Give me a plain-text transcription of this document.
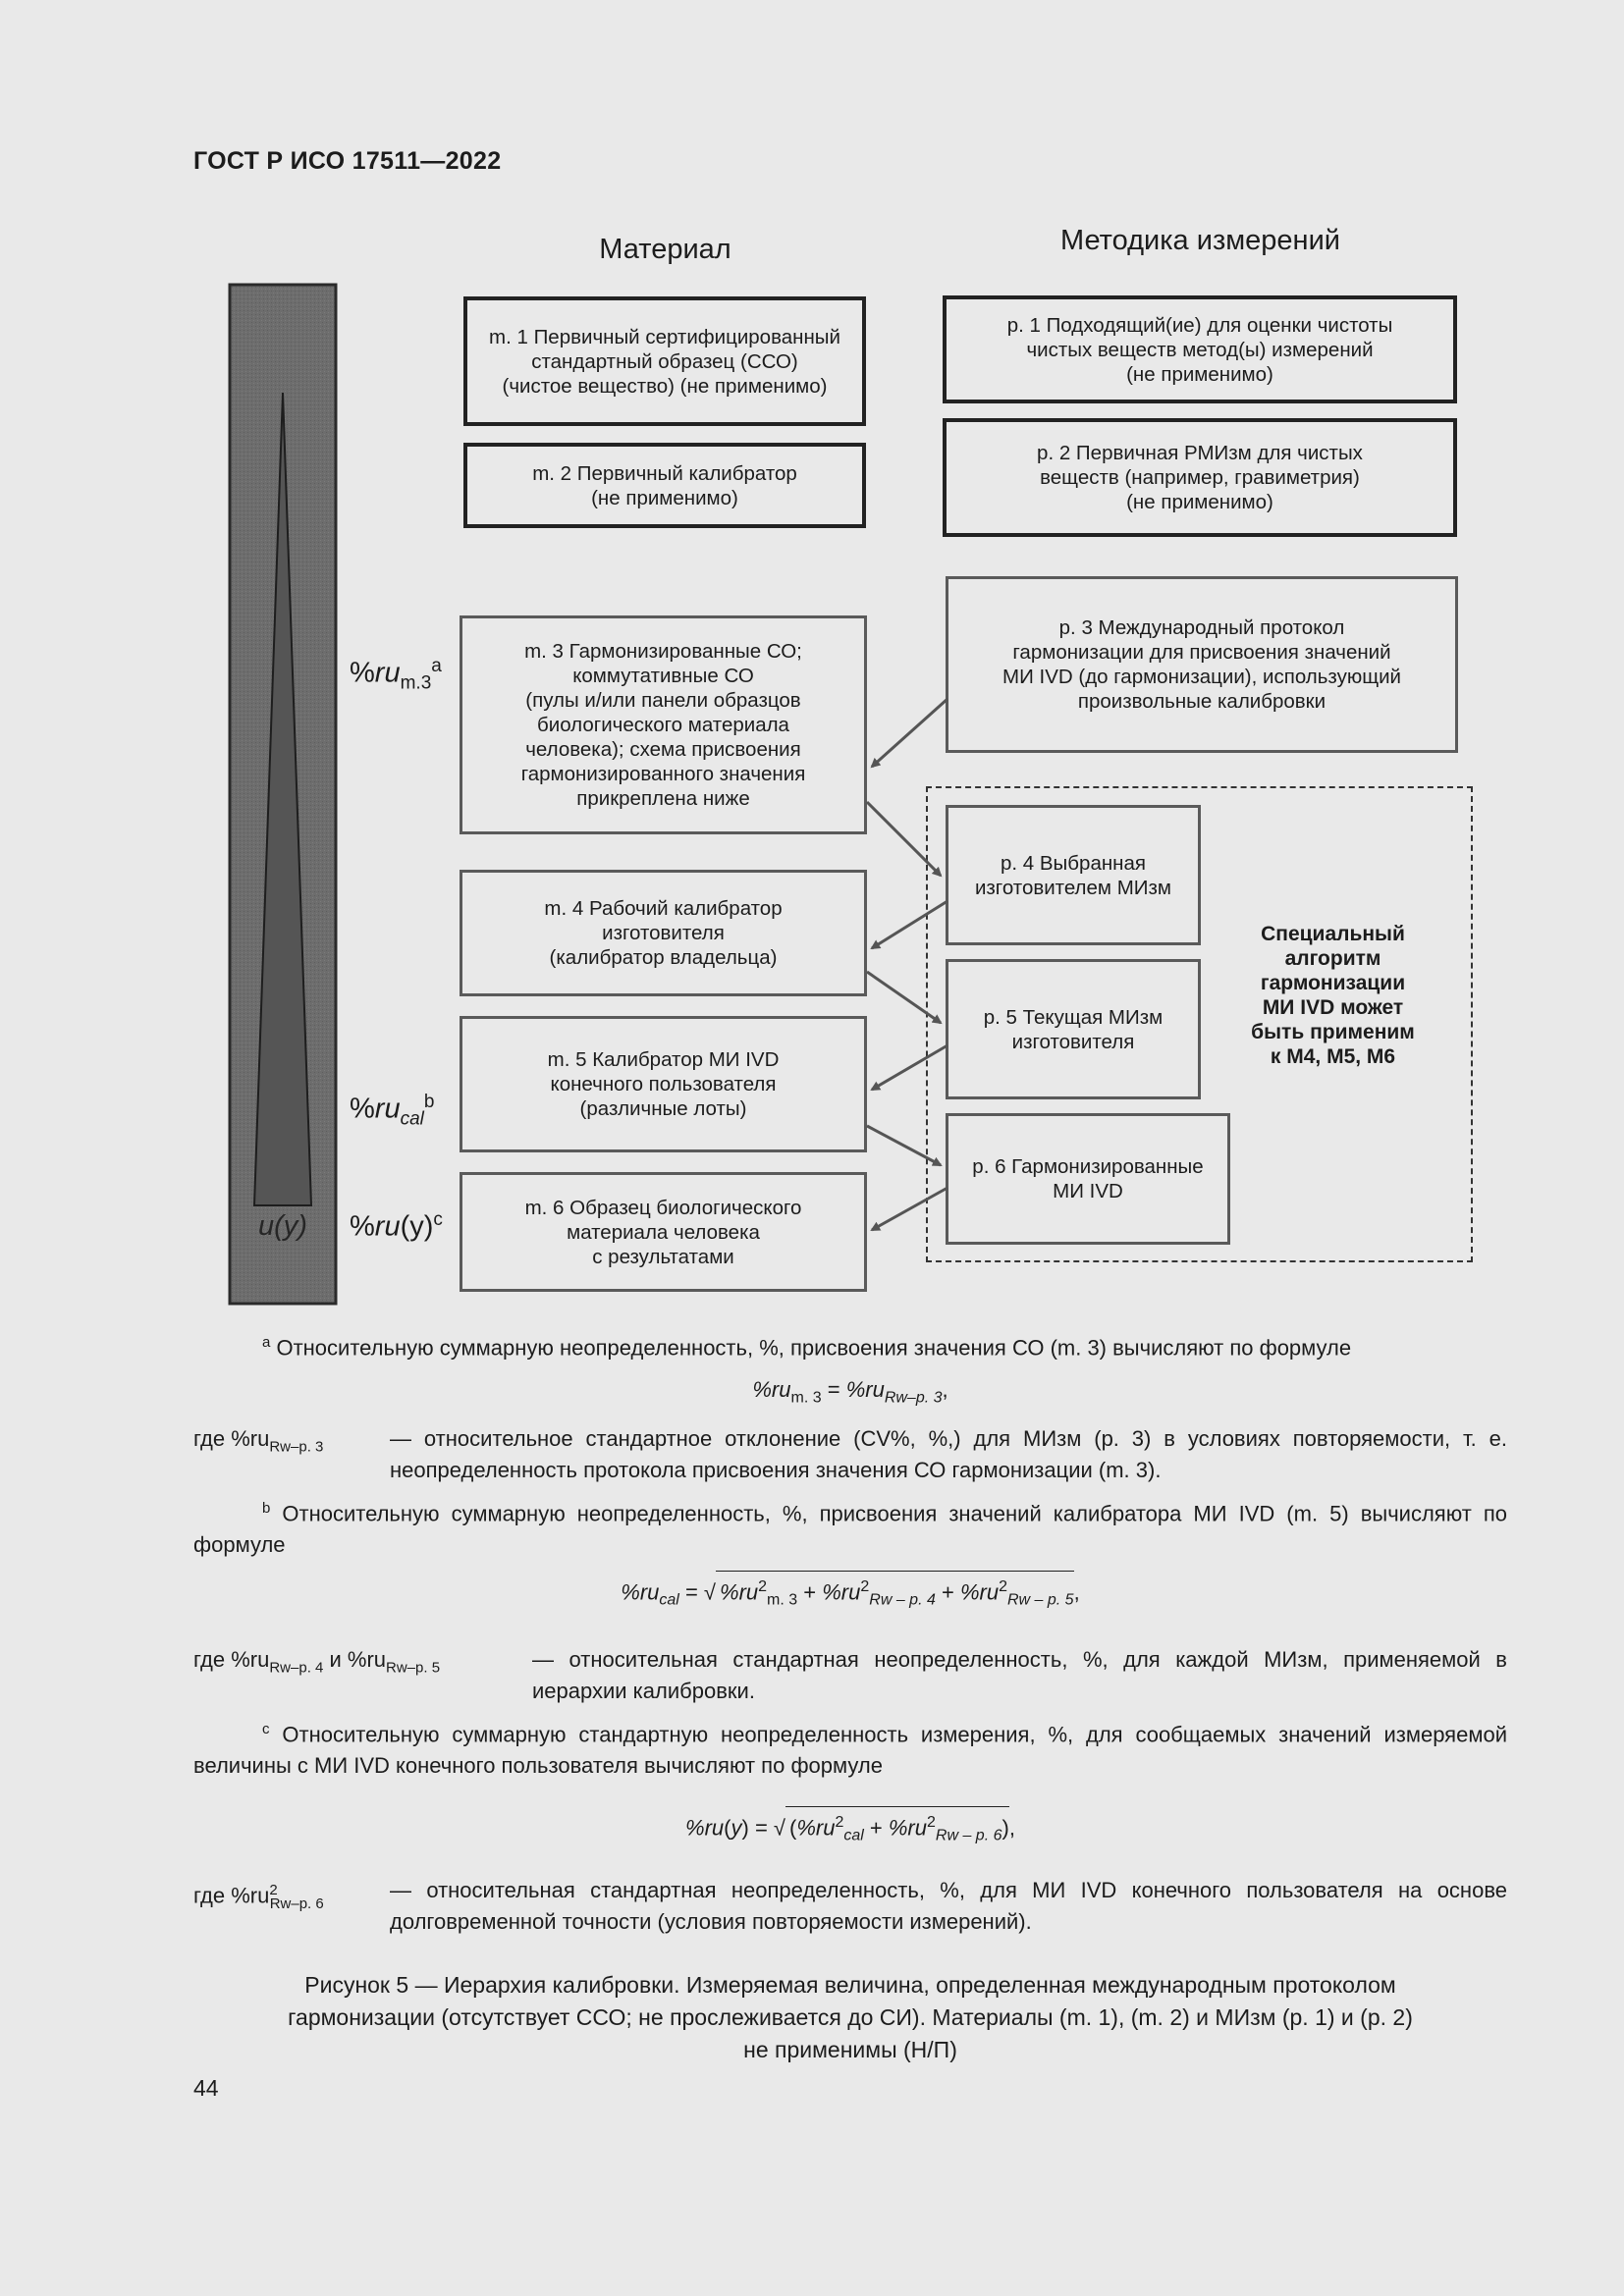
ГОСТ Р ИСО 17511—2022
Материал	Методика измерений
u(y)
$\%ru_{m.3}^a$
$\%ru_{cal}^b$
$\%ru(y)^c$
m. 1 Первичный сертифицированный
стандартный образец (ССО)
(чистое вещество) (не применимо)
m. 2 Первичный калибратор
(не применимо)
m. 3 Гармонизированные СО;
коммутативные СО
(пулы и/или панели образцов
биологического материала
человека); схема присвоения
гармонизированного значения
прикреплена ниже
m. 4 Рабочий калибратор
изготовителя
(калибратор владельца)
m. 5 Калибратор МИ IVD
конечного пользователя
(различные лоты)
m. 6 Образец биологического
материала человека
с результатами
Специальный
алгоритм
гармонизации
МИ IVD может
быть применим
к М4, М5, М6
p. 1 Подходящий(ие) для оценки чистоты
чистых веществ метод(ы) измерений
(не применимо)
p. 2 Первичная РМИзм для чистых
веществ (например, гравиметрия)
(не применимо)
p. 3 Международный протокол
гармонизации для присвоения значений
МИ IVD (до гармонизации), использующий
произвольные калибровки
p. 4 Выбранная
изготовителем МИзм
p. 5 Текущая МИзм
изготовителя
p. 6 Гармонизированные
МИ IVD
$^a$ Относительную суммарную неопределенность, %, присвоения значения СО (m. 3) вычисляют по формуле
$\%ru_{m. 3} = \%ru_{Rw-p. 3}$,
где $\%ru_{Rw-p. 3}$	— относительное стандартное отклонение (CV%, %,) для МИзм (p. 3) в условиях повторяемости, т. е. неопределенность протокола присвоения значения СО гармонизации (m. 3).
$^b$ Относительную суммарную неопределенность, %, присвоения значений калибратора МИ IVD (m. 5) вычисляют по формуле
$\%ru_{cal}$ = √ $\%ru^2_{m. 3} + \%ru^2_{Rw - p. 4} + \%ru^2_{Rw - p. 5}$,
где $\%ru_{Rw-p. 4}$ и $\%ru_{Rw-p. 5}$	— относительная стандартная неопределенность, %, для каждой МИзм, применяемой в иерархии калибровки.
$^c$ Относительную суммарную стандартную неопределенность измерения, %, для сообщаемых значений измеряемой величины с МИ IVD конечного пользователя вычисляют по формуле
%ru(y) = √ $(\%ru^2_{cal} + \%ru^2_{Rw - p. 6})$,
где $\%ru^2_{Rw-p. 6}$
— относительная стандартная неопределенность, %, для МИ IVD конечного пользователя на основе долговременной точности (условия повторяемости измерений).
Рисунок 5 — Иерархия калибровки. Измеряемая величина, определенная международным протоколом
гармонизации (отсутствует ССО; не прослеживается до СИ). Материалы (m. 1), (m. 2) и МИзм (p. 1) и (p. 2)
не применимы (Н/П)
44
